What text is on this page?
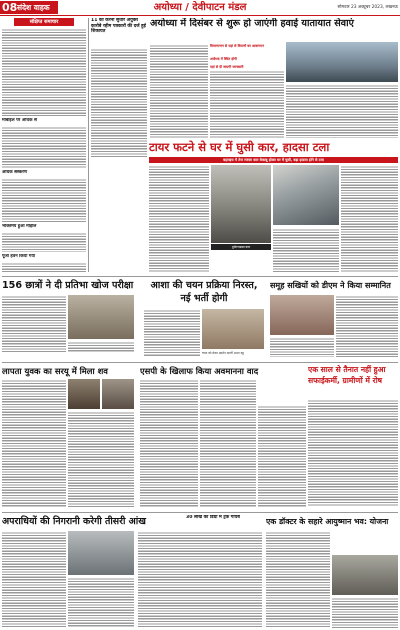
08 संदेश वाहक	अयोध्या / देवीपाटन मंडल	सोमवार 23 अक्टूबर 2023, लखनऊ
संक्षिप्त समाचार
मोबाइल पर अधिक से
अधिक संस्करण
भक्तिमय हुआ माहौल
पूजा हवन किया गया
11 को करना सुधार अयुक्त कारोबे रहीम पत्रकारों की दर्ज हुई शिकायत
अयोध्या में दिसंबर से शुरू हो जाएंगी हवाई यातायात सेवाएं
विमानपत्तन से यहां से विमानों का आवागमन
अयोध्या में स्थित होगी
यहां से दी जाएगी जानकारी
टायर फटने से घर में घुसी कार, हादसा टला
बहराइच में तेज रफ्तार कार बेकाबू होकर घर में घुसी, बड़ा हादसा होने से टला
दुर्घटनाग्रस्त कार
156 छात्रों ने दी प्रतिभा खोज परीक्षा	आशा की चयन प्रक्रिया निरस्त, नई भर्ती होगी
चयन को लेकर प्रदर्शन करतीं आशा बहू
समूह सखियों को डीएम ने किया सम्मानित
लापता युवक का सरयू में मिला शव	एसपी के खिलाफ किया अवमानना वाद	एक साल से तैनात नहीं हुआ सफाईकर्मी, ग्रामीणों में रोष
अपराधियों की निगरानी करेगी तीसरी आंख	30 लाख का डिग्री में ट्रक गायब	एक डॉक्टर के सहारे आयुष्मान भव: योजना
